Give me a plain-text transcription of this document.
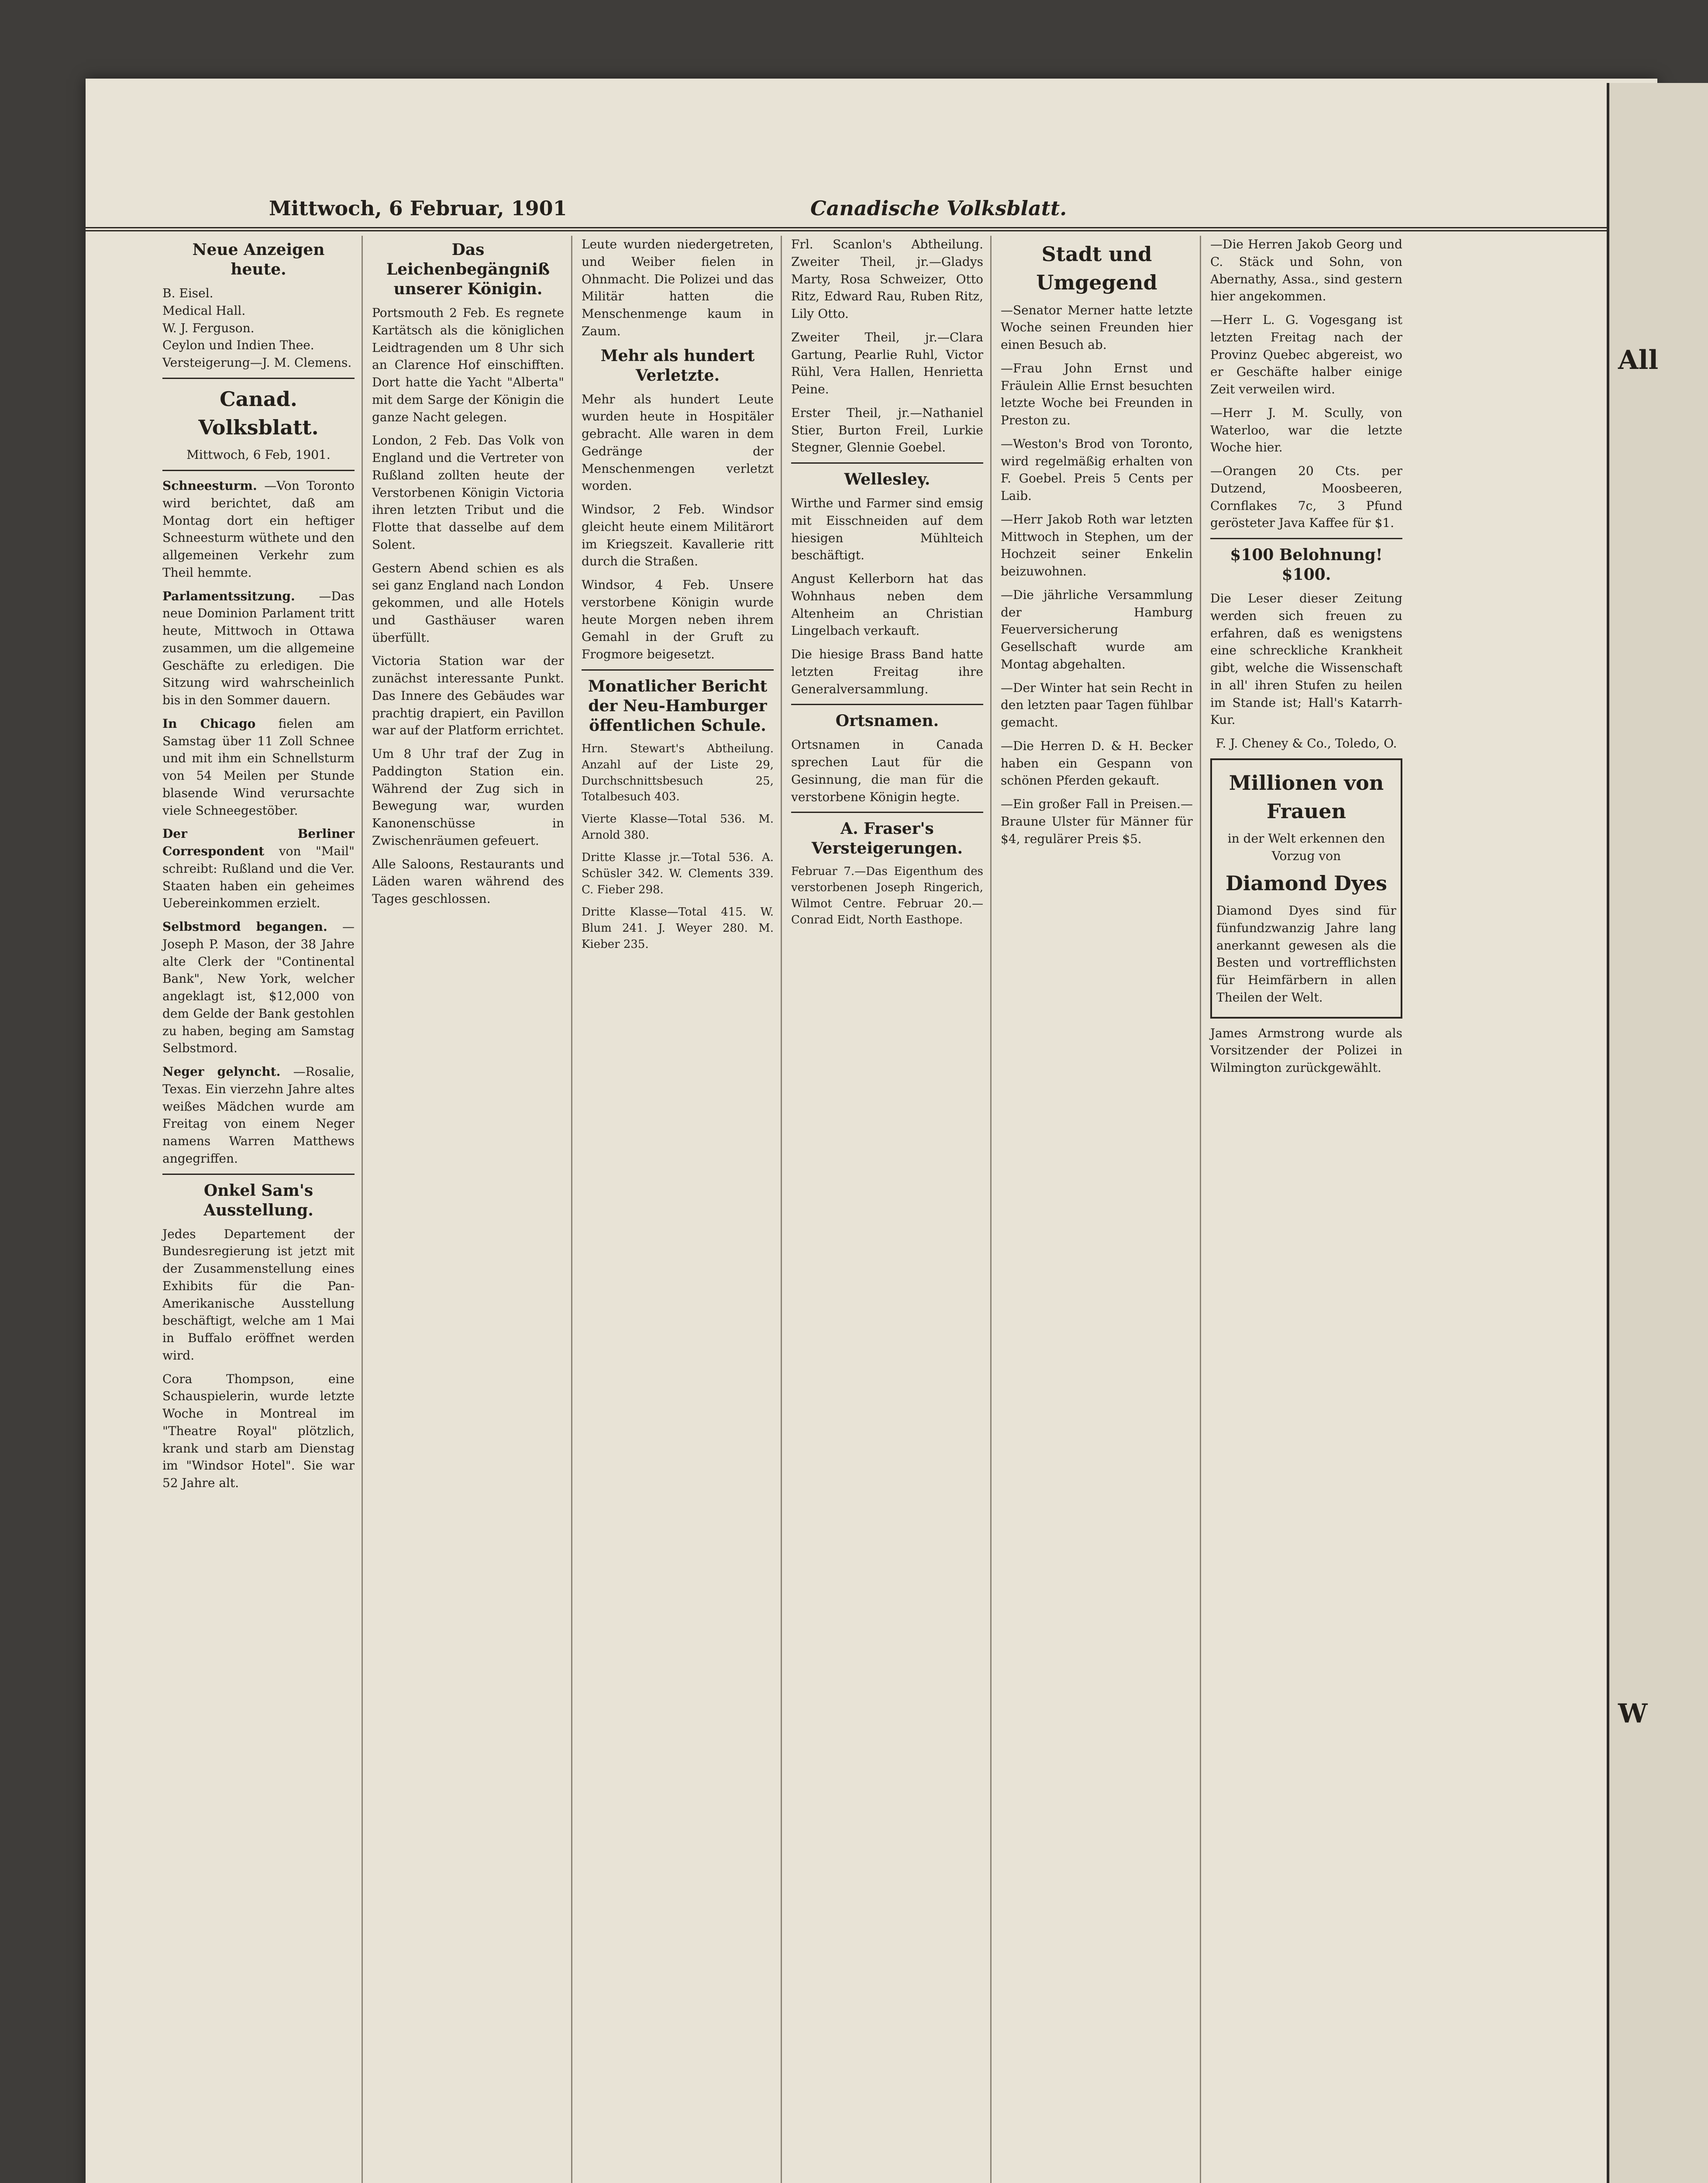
Mittwoch, 6 Februar, 1901	Canadische Volksblatt.
Neue Anzeigen heute.
B. Eisel.
Medical Hall.
W. J. Ferguson.
Ceylon und Indien Thee.
Versteigerung—J. M. Clemens.
Canad. Volksblatt.
Mittwoch, 6 Feb, 1901.

Schneesturm. —Von Toronto wird berichtet, daß am Montag dort ein heftiger Schneesturm wüthete und den allgemeinen Verkehr zum Theil hemmte.

Parlamentssitzung. —Das neue Dominion Parlament tritt heute, Mittwoch in Ottawa zusammen, um die allgemeine Geschäfte zu erledigen. Die Sitzung wird wahrscheinlich bis in den Sommer dauern.

In Chicago fielen am Samstag über 11 Zoll Schnee und mit ihm ein Schnellsturm von 54 Meilen per Stunde blasende Wind verursachte viele Schneegestöber.

Der Berliner Correspondent von "Mail" schreibt: Rußland und die Ver. Staaten haben ein geheimes Uebereinkommen erzielt.

Selbstmord begangen. —Joseph P. Mason, der 38 Jahre alte Clerk der "Continental Bank", New York, welcher angeklagt ist, $12,000 von dem Gelde der Bank gestohlen zu haben, beging am Samstag Selbstmord.

Neger gelyncht. —Rosalie, Texas. Ein vierzehn Jahre altes weißes Mädchen wurde am Freitag von einem Neger namens Warren Matthews angegriffen.

Onkel Sam's Ausstellung.

Jedes Departement der Bundesregierung ist jetzt mit der Zusammenstellung eines Exhibits für die Pan-Amerikanische Ausstellung beschäftigt, welche am 1 Mai in Buffalo eröffnet werden wird.

Cora Thompson, eine Schauspielerin, wurde letzte Woche in Montreal im "Theatre Royal" plötzlich, krank und starb am Dienstag im "Windsor Hotel". Sie war 52 Jahre alt.

Das Leichenbegängniß unserer Königin.

Portsmouth 2 Feb. Es regnete Kartätsch als die königlichen Leidtragenden um 8 Uhr sich an Clarence Hof einschifften. Dort hatte die Yacht "Alberta" mit dem Sarge der Königin die ganze Nacht gelegen.

London, 2 Feb. Das Volk von England und die Vertreter von Rußland zollten heute der Verstorbenen Königin Victoria ihren letzten Tribut und die Flotte that dasselbe auf dem Solent.

Gestern Abend schien es als sei ganz England nach London gekommen, und alle Hotels und Gasthäuser waren überfüllt.

Victoria Station war der zunächst interessante Punkt. Das Innere des Gebäudes war prachtig drapiert, ein Pavillon war auf der Platform errichtet.

Um 8 Uhr traf der Zug in Paddington Station ein. Während der Zug sich in Bewegung war, wurden Kanonenschüsse in Zwischenräumen gefeuert.

Alle Saloons, Restaurants und Läden waren während des Tages geschlossen.

Leute wurden niedergetreten, und Weiber fielen in Ohnmacht. Die Polizei und das Militär hatten die Menschenmenge kaum in Zaum.

Mehr als hundert Verletzte.

Mehr als hundert Leute wurden heute in Hospitäler gebracht. Alle waren in dem Gedränge der Menschenmengen verletzt worden.

Windsor, 2 Feb. Windsor gleicht heute einem Militärort im Kriegszeit. Kavallerie ritt durch die Straßen.

Windsor, 4 Feb. Unsere verstorbene Königin wurde heute Morgen neben ihrem Gemahl in der Gruft zu Frogmore beigesetzt.

Monatlicher Bericht der Neu-Hamburger öffentlichen Schule.

Hrn. Stewart's Abtheilung. Anzahl auf der Liste 29, Durchschnittsbesuch 25, Totalbesuch 403.

Vierte Klasse—Total 536. M. Arnold 380.

Dritte Klasse jr.—Total 536. A. Schüsler 342. W. Clements 339. C. Fieber 298.

Dritte Klasse—Total 415. W. Blum 241. J. Weyer 280. M. Kieber 235.

Frl. Scanlon's Abtheilung. Zweiter Theil, jr.—Gladys Marty, Rosa Schweizer, Otto Ritz, Edward Rau, Ruben Ritz, Lily Otto.

Zweiter Theil, jr.—Clara Gartung, Pearlie Ruhl, Victor Rühl, Vera Hallen, Henrietta Peine.

Erster Theil, jr.—Nathaniel Stier, Burton Freil, Lurkie Stegner, Glennie Goebel.

Wellesley.

Wirthe und Farmer sind emsig mit Eisschneiden auf dem hiesigen Mühlteich beschäftigt.

Angust Kellerborn hat das Wohnhaus neben dem Altenheim an Christian Lingelbach verkauft.

Die hiesige Brass Band hatte letzten Freitag ihre Generalversammlung.

Ortsnamen.

Ortsnamen in Canada sprechen Laut für die Gesinnung, die man für die verstorbene Königin hegte.

A. Fraser's Versteigerungen.

Februar 7.—Das Eigenthum des verstorbenen Joseph Ringerich, Wilmot Centre. Februar 20.—Conrad Eidt, North Easthope.

Stadt und Umgegend

—Senator Merner hatte letzte Woche seinen Freunden hier einen Besuch ab.

—Frau John Ernst und Fräulein Allie Ernst besuchten letzte Woche bei Freunden in Preston zu.

—Weston's Brod von Toronto, wird regelmäßig erhalten von F. Goebel. Preis 5 Cents per Laib.

—Herr Jakob Roth war letzten Mittwoch in Stephen, um der Hochzeit seiner Enkelin beizuwohnen.

—Die jährliche Versammlung der Hamburg Feuerversicherung Gesellschaft wurde am Montag abgehalten.

—Der Winter hat sein Recht in den letzten paar Tagen fühlbar gemacht.

—Die Herren D. & H. Becker haben ein Gespann von schönen Pferden gekauft.

—Ein großer Fall in Preisen.—Braune Ulster für Männer für $4, regulärer Preis $5.

—Die Herren Jakob Georg und C. Stäck und Sohn, von Abernathy, Assa., sind gestern hier angekommen.

—Herr L. G. Vogesgang ist letzten Freitag nach der Provinz Quebec abgereist, wo er Geschäfte halber einige Zeit verweilen wird.

—Herr J. M. Scully, von Waterloo, war die letzte Woche hier.

—Orangen 20 Cts. per Dutzend, Moosbeeren, Cornflakes 7c, 3 Pfund gerösteter Java Kaffee für $1.

$100 Belohnung! $100.

Die Leser dieser Zeitung werden sich freuen zu erfahren, daß es wenigstens eine schreckliche Krankheit gibt, welche die Wissenschaft in all' ihren Stufen zu heilen im Stande ist; Hall's Katarrh-Kur.

F. J. Cheney & Co., Toledo, O.

Millionen von Frauen
in der Welt erkennen den Vorzug von
Diamond Dyes

Diamond Dyes sind für fünfundzwanzig Jahre lang anerkannt gewesen als die Besten und vortrefflichsten für Heimfärbern in allen Theilen der Welt.

James Armstrong wurde als Vorsitzender der Polizei in Wilmington zurückgewählt.

All
W
